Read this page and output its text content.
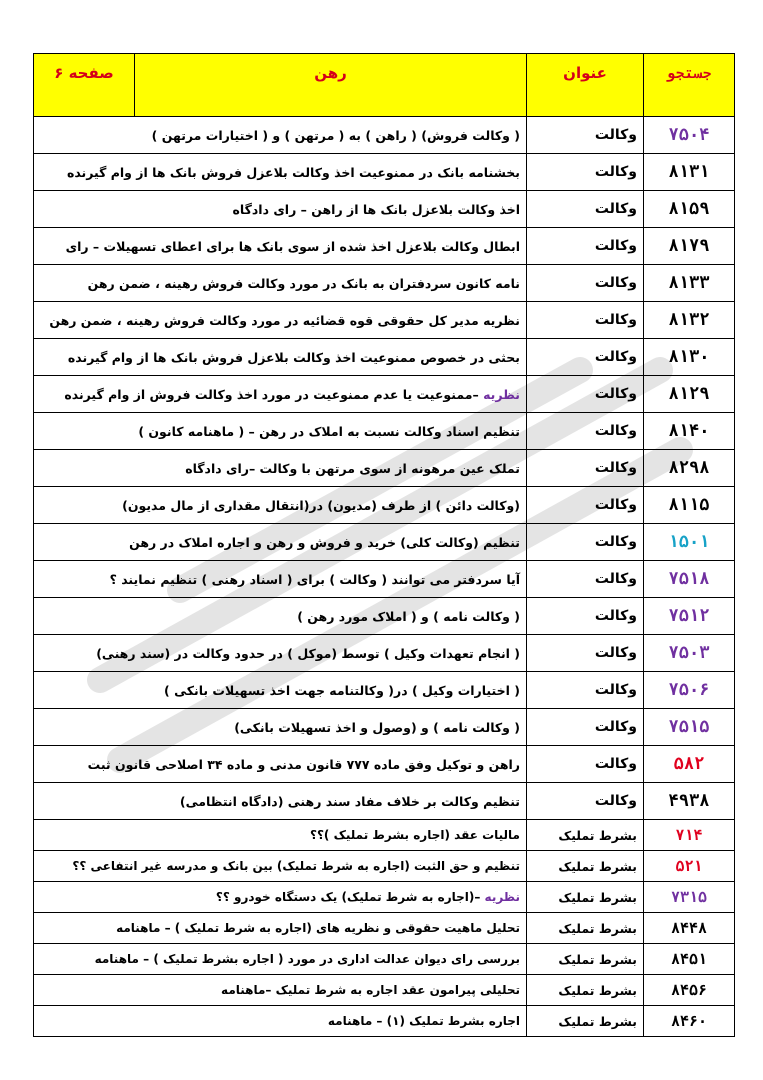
جستجو	عنوان	رهن	صفحه ۶
۷۵۰۴	وکالت	( وکالت فروش) ( راهن ) به ( مرتهن ) و ( اختیارات مرتهن )	
۸۱۳۱	وکالت	بخشنامه بانک در ممنوعیت اخذ وکالت بلاعزل فروش بانک ها از وام گیرنده	
۸۱۵۹	وکالت	اخذ وکالت بلاعزل بانک ها از راهن – رای دادگاه	
۸۱۷۹	وکالت	ابطال وکالت بلاعزل اخذ شده از سوی بانک ها برای اعطای تسهیلات – رای	
۸۱۳۳	وکالت	نامه کانون سردفتران به بانک در مورد وکالت فروش رهینه ، ضمن رهن	
۸۱۳۲	وکالت	نظریه مدیر کل حقوقی قوه قضائیه در مورد وکالت فروش رهینه ، ضمن رهن	
۸۱۳۰	وکالت	بحثی در خصوص ممنوعیت اخذ وکالت بلاعزل فروش بانک ها از وام گیرنده	
۸۱۲۹	وکالت	نظریه –ممنوعیت یا عدم ممنوعیت در مورد اخذ وکالت فروش از وام گیرنده	
۸۱۴۰	وکالت	تنظیم اسناد وکالت نسبت به املاک در رهن – ( ماهنامه کانون )	
۸۲۹۸	وکالت	تملک عین مرهونه از سوی مرتهن با وکالت –رای دادگاه	
۸۱۱۵	وکالت	(وکالت دائن ) از طرف (مدیون) در(انتقال مقداری از مال مدیون)	
۱۵۰۱	وکالت	تنظیم (وکالت کلی) خرید و فروش و رهن و اجاره املاک در رهن	
۷۵۱۸	وکالت	آیا سردفتر می توانند ( وکالت ) برای ( اسناد رهنی ) تنظیم نمایند ؟	
۷۵۱۲	وکالت	( وکالت نامه ) و ( املاک مورد رهن )	
۷۵۰۳	وکالت	( انجام تعهدات وکیل ) توسط (موکل ) در حدود وکالت در (سند رهنی)	
۷۵۰۶	وکالت	( اختیارات وکیل ) در( وکالتنامه جهت اخذ تسهیلات بانکی )	
۷۵۱۵	وکالت	( وکالت نامه ) و (وصول و اخذ تسهیلات بانکی)	
۵۸۲	وکالت	راهن و توکیل وفق ماده ۷۷۷ قانون مدنی و ماده ۳۴ اصلاحی قانون ثبت	
۴۹۳۸	وکالت	تنظیم وکالت بر خلاف مفاد سند رهنی (دادگاه انتظامی)	
۷۱۴	بشرط تملیک	مالیات عقد (اجاره بشرط تملیک )؟؟	
۵۲۱	بشرط تملیک	تنظیم و حق الثبت (اجاره به شرط تملیک) بین بانک و مدرسه غیر انتفاعی ؟؟	
۷۳۱۵	بشرط تملیک	نظریه –(اجاره به شرط تملیک) یک دستگاه خودرو ؟؟	
۸۴۴۸	بشرط تملیک	تحلیل ماهیت حقوقی و نظریه های (اجاره به شرط تملیک ) – ماهنامه	
۸۴۵۱	بشرط تملیک	بررسی رای دیوان عدالت اداری در مورد ( اجاره بشرط تملیک ) – ماهنامه	
۸۴۵۶	بشرط تملیک	تحلیلی پیرامون عقد اجاره به شرط تملیک –ماهنامه	
۸۴۶۰	بشرط تملیک	اجاره بشرط تملیک (۱) – ماهنامه	
